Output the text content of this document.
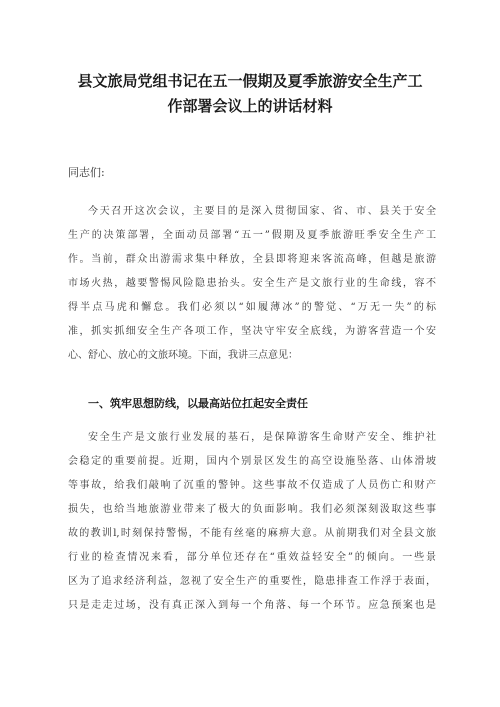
县文旅局党组书记在五一假期及夏季旅游安全生产工
作部署会议上的讲话材料

同志们:

今天召开这次会议，主要目的是深入贯彻国家、省、市、县关于安全
生产的决策部署，全面动员部署“五一”假期及夏季旅游旺季安全生产工
作。当前，群众出游需求集中释放，全县即将迎来客流高峰，但越是旅游
市场火热，越要警惕风险隐患抬头。安全生产是文旅行业的生命线，容不
得半点马虎和懈怠。我们必须以“如履薄冰”的警觉、“万无一失”的标
准，抓实抓细安全生产各项工作，坚决守牢安全底线，为游客营造一个安
心、舒心、放心的文旅环境。下面，我讲三点意见：
一、筑牢思想防线，以最高站位扛起安全责任
安全生产是文旅行业发展的基石，是保障游客生命财产安全、维护社
会稳定的重要前提。近期，国内个别景区发生的高空设施坠落、山体滑坡
等事故，给我们敲响了沉重的警钟。这些事故不仅造成了人员伤亡和财产
损失，也给当地旅游业带来了极大的负面影响。我们必须深刻汲取这些事
故的教训l,时刻保持警惕，不能有丝毫的麻痹大意。从前期我们对全县文旅
行业的检查情况来看，部分单位还存在“重效益轻安全”的倾向。一些景
区为了追求经济利益，忽视了安全生产的重要性，隐患排查工作浮于表面，
只是走走过场，没有真正深入到每一个角落、每一个环节。应急预案也是
